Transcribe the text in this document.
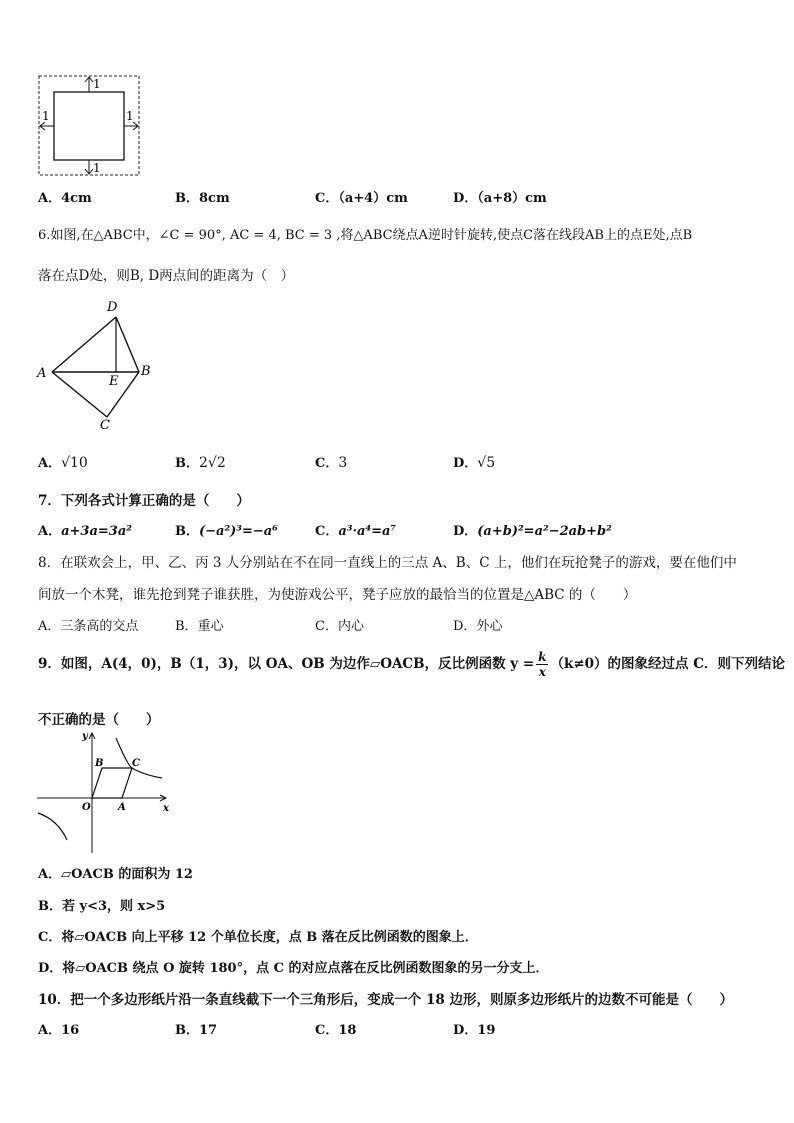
1
1
1	1
A．4cm	B．8cm	C．（a+4）cm	D．（a+8）cm
6.如图,在△ABC中，∠C = 90°, AC = 4, BC = 3 ,将△ABC绕点A逆时针旋转,使点C落在线段AB上的点E处,点B
落在点D处，则B, D两点间的距离为（　）
D
A
E
B
C
A．√10	B．2√2	C．3	D．√5
7．下列各式计算正确的是（　　）
A．a+3a=3a²	B．(−a²)³=−a⁶	C．a³·a⁴=a⁷	D．(a+b)²=a²−2ab+b²
8．在联欢会上，甲、乙、丙 3 人分别站在不在同一直线上的三点 A、B、C 上，他们在玩抢凳子的游戏，要在他们中
间放一个木凳，谁先抢到凳子谁获胜，为使游戏公平，凳子应放的最恰当的位置是△ABC 的（　　）
A．三条高的交点	B．重心	C．内心	D．外心
9．如图，A(4，0)，B（1，3)，以 OA、OB 为边作▱OACB，反比例函数 $y = \frac{k}{x} (k\ne 0)$的图象经过点 C．则下列结论
不正确的是（　　）
y
x
O	A
B	C
A．▱OACB 的面积为 12
B．若 y<3，则 x>5
C．将▱OACB 向上平移 12 个单位长度，点 B 落在反比例函数的图象上．
D．将▱OACB 绕点 O 旋转 180°，点 C 的对应点落在反比例函数图象的另一分支上．
10．把一个多边形纸片沿一条直线截下一个三角形后，变成一个 18 边形，则原多边形纸片的边数不可能是（　　）
A．16	B．17	C．18	D．19
